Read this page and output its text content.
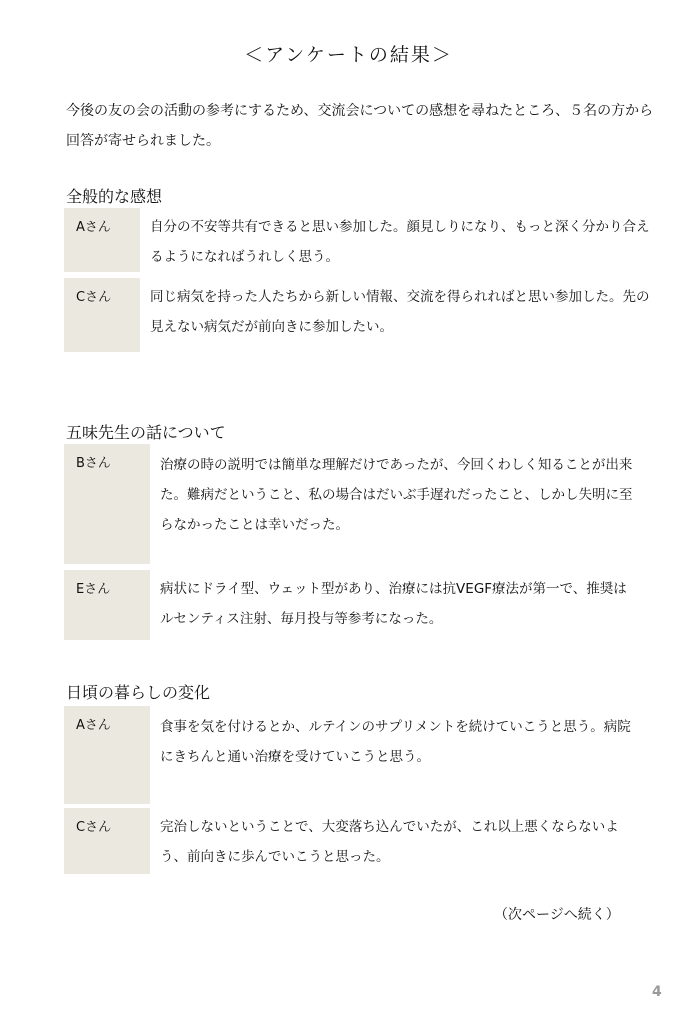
＜アンケートの結果＞
今後の友の会の活動の参考にするため、交流会についての感想を尋ねたところ、５名の方から回答が寄せられました。
全般的な感想
Aさん	自分の不安等共有できると思い参加した。顔見しりになり、もっと深く分かり合えるようになればうれしく思う。
Cさん	同じ病気を持った人たちから新しい情報、交流を得られればと思い参加した。先の見えない病気だが前向きに参加したい。
五味先生の話について
Bさん	治療の時の説明では簡単な理解だけであったが、今回くわしく知ることが出来た。難病だということ、私の場合はだいぶ手遅れだったこと、しかし失明に至らなかったことは幸いだった。
Eさん	病状にドライ型、ウェット型があり、治療には抗VEGF療法が第一で、推奨はルセンティス注射、毎月投与等参考になった。
日頃の暮らしの変化
Aさん	食事を気を付けるとか、ルテインのサプリメントを続けていこうと思う。病院にきちんと通い治療を受けていこうと思う。
Cさん	完治しないということで、大変落ち込んでいたが、これ以上悪くならないよう、前向きに歩んでいこうと思った。
（次ページへ続く）
4
